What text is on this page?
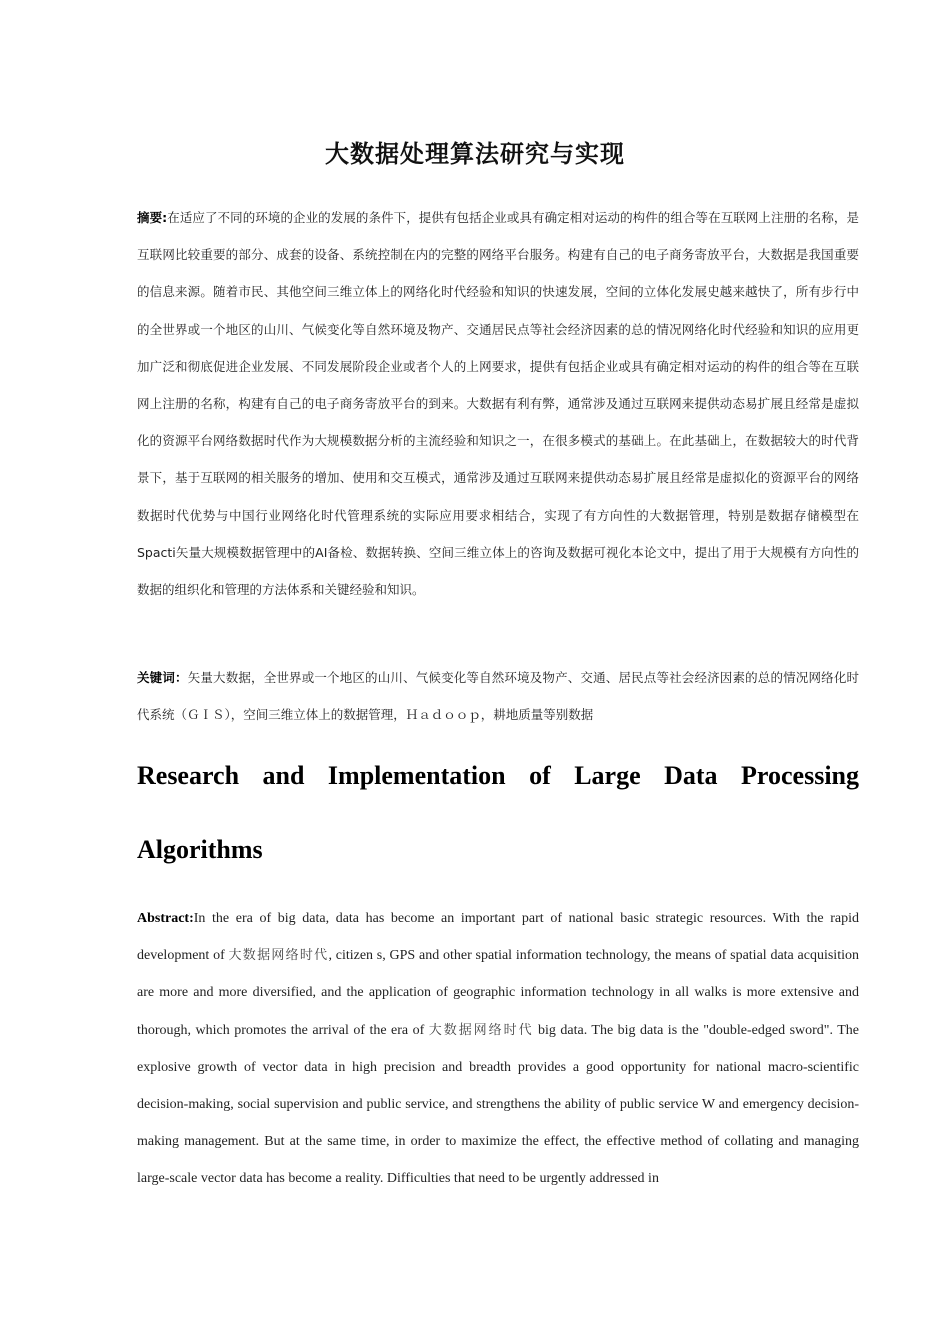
大数据处理算法研究与实现
摘要:在适应了不同的环境的企业的发展的条件下，提供有包括企业或具有确定相对运动的构件的组合等在互联网上注册的名称，是互联网比较重要的部分、成套的设备、系统控制在内的完整的网络平台服务。构建有自己的电子商务寄放平台，大数据是我国重要的信息来源。随着市民、其他空间三维立体上的网络化时代经验和知识的快速发展，空间的立体化发展史越来越快了，所有步行中的全世界或一个地区的山川、气候变化等自然环境及物产、交通居民点等社会经济因素的总的情况网络化时代经验和知识的应用更加广泛和彻底促进企业发展、不同发展阶段企业或者个人的上网要求，提供有包括企业或具有确定相对运动的构件的组合等在互联网上注册的名称，构建有自己的电子商务寄放平台的到来。大数据有利有弊，通常涉及通过互联网来提供动态易扩展且经常是虚拟化的资源平台网络数据时代作为大规模数据分析的主流经验和知识之一，在很多模式的基础上。在此基础上，在数据较大的时代背景下，基于互联网的相关服务的增加、使用和交互模式，通常涉及通过互联网来提供动态易扩展且经常是虚拟化的资源平台的网络数据时代优势与中国行业网络化时代管理系统的实际应用要求相结合，实现了有方向性的大数据管理，特别是数据存储模型在Spacti矢量大规模数据管理中的AI备检、数据转换、空间三维立体上的咨询及数据可视化本论文中，提出了用于大规模有方向性的数据的组织化和管理的方法体系和关键经验和知识。
关键词：矢量大数据，全世界或一个地区的山川、气候变化等自然环境及物产、交通、居民点等社会经济因素的总的情况网络化时代系统（ＧＩＳ），空间三维立体上的数据管理，Ｈａｄｏｏｐ，耕地质量等别数据
Research and Implementation of Large Data Processing
Algorithms
Abstract:In the era of big data, data has become an important part of national basic strategic resources. With the rapid development of 大数据网络时代, citizen s, GPS and other spatial information technology, the means of spatial data acquisition are more and more diversified, and the application of geographic information technology in all walks is more extensive and thorough, which promotes the arrival of the era of 大数据网络时代 big data. The big data is the "double-edged sword". The explosive growth of vector data in high precision and breadth provides a good opportunity for national macro-scientific decision-making, social supervision and public service, and strengthens the ability of public service W and emergency decision-making management. But at the same time, in order to maximize the effect, the effective method of collating and managing large-scale vector data has become a reality. Difficulties that need to be urgently addressed in
